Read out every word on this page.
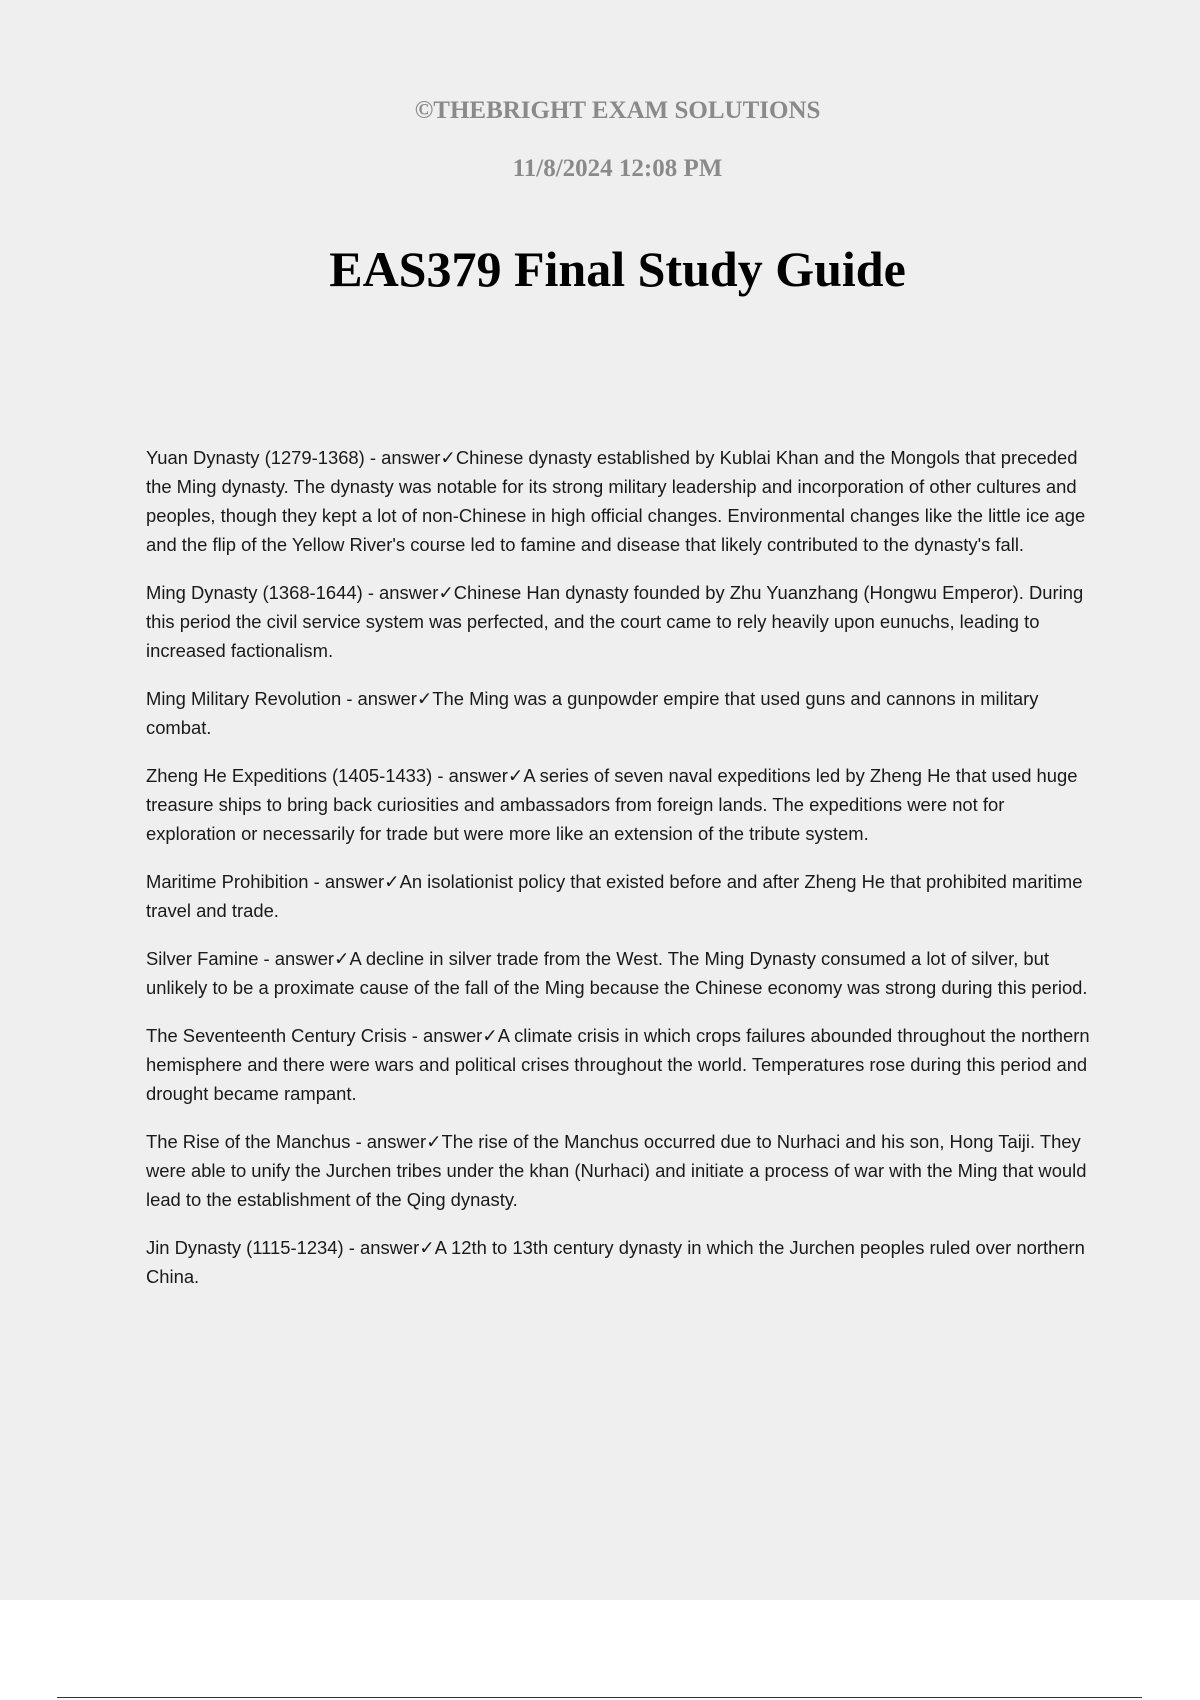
©THEBRIGHT EXAM SOLUTIONS

11/8/2024 12:08 PM

EAS379 Final Study Guide

Yuan Dynasty (1279-1368) - answer✓Chinese dynasty established by Kublai Khan and the Mongols that preceded the Ming dynasty. The dynasty was notable for its strong military leadership and incorporation of other cultures and peoples, though they kept a lot of non-Chinese in high official changes. Environmental changes like the little ice age and the flip of the Yellow River's course led to famine and disease that likely contributed to the dynasty's fall.

Ming Dynasty (1368-1644) - answer✓Chinese Han dynasty founded by Zhu Yuanzhang (Hongwu Emperor). During this period the civil service system was perfected, and the court came to rely heavily upon eunuchs, leading to increased factionalism.

Ming Military Revolution - answer✓The Ming was a gunpowder empire that used guns and cannons in military combat.

Zheng He Expeditions (1405-1433) - answer✓A series of seven naval expeditions led by Zheng He that used huge treasure ships to bring back curiosities and ambassadors from foreign lands. The expeditions were not for exploration or necessarily for trade but were more like an extension of the tribute system.

Maritime Prohibition - answer✓An isolationist policy that existed before and after Zheng He that prohibited maritime travel and trade.

Silver Famine - answer✓A decline in silver trade from the West. The Ming Dynasty consumed a lot of silver, but unlikely to be a proximate cause of the fall of the Ming because the Chinese economy was strong during this period.

The Seventeenth Century Crisis - answer✓A climate crisis in which crops failures abounded throughout the northern hemisphere and there were wars and political crises throughout the world. Temperatures rose during this period and drought became rampant.

The Rise of the Manchus - answer✓The rise of the Manchus occurred due to Nurhaci and his son, Hong Taiji. They were able to unify the Jurchen tribes under the khan (Nurhaci) and initiate a process of war with the Ming that would lead to the establishment of the Qing dynasty.

Jin Dynasty (1115-1234) - answer✓A 12th to 13th century dynasty in which the Jurchen peoples ruled over northern China.
